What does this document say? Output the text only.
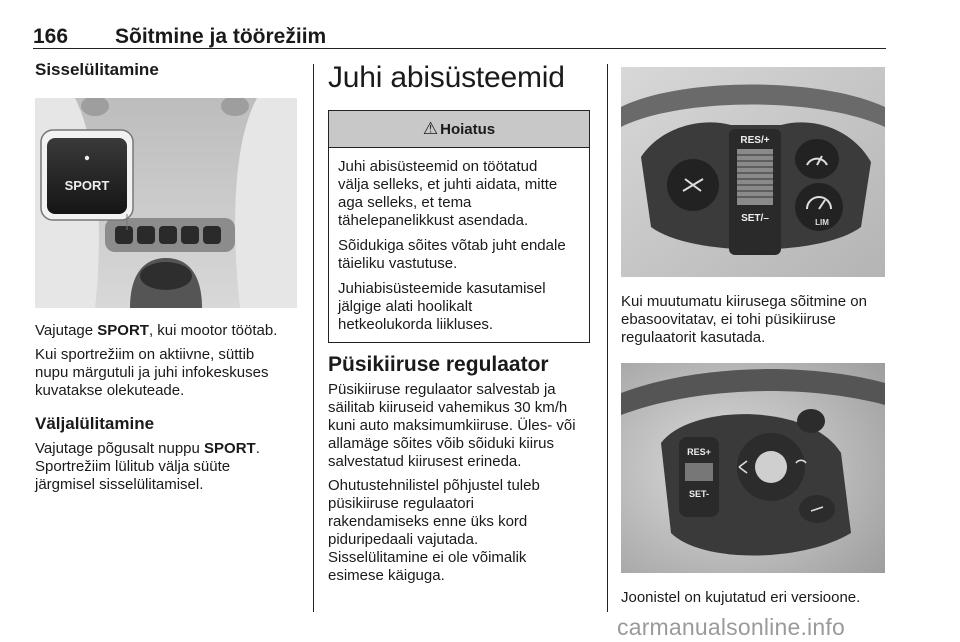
166 Sõitmine ja töörežiim
Sisselülitamine
SPORT

Vajutage SPORT, kui mootor töötab.

Kui sportrežiim on aktiivne, süttib
nupu märgutuli ja juhi infokeskuses
kuvatakse olekuteade.

Väljalülitamine

Vajutage põgusalt nuppu SPORT.
Sportrežiim lülitub välja süüte
järgmisel sisselülitamisel.

Juhi abisüsteemid
⚠ Hoiatus

Juhi abisüsteemid on töötatud
välja selleks, et juhti aidata, mitte
aga selleks, et tema
tähelepanelikkust asendada.

Sõidukiga sõites võtab juht endale
täieliku vastutuse.

Juhiabisüsteemide kasutamisel
jälgige alati hoolikalt
hetkeolukorda liikluses.

Püsikiiruse regulaator

Püsikiiruse regulaator salvestab ja
säilitab kiiruseid vahemikus 30 km/h
kuni auto maksimumkiiruse. Üles- või
allamäge sõites võib sõiduki kiirus
salvestatud kiirusest erineda.

Ohutustehnilistel põhjustel tuleb
püsikiiruse regulaatori
rakendamiseks enne üks kord
piduripedaali vajutada.
Sisselülitamine ei ole võimalik
esimese käiguga.

RES/+
SET/–	LIM

Kui muutumatu kiirusega sõitmine on
ebasoovitatav, ei tohi püsikiiruse
regulaatorit kasutada.

RES+
SET-

Joonistel on kujutatud eri versioone.

carmanualsonline.info
